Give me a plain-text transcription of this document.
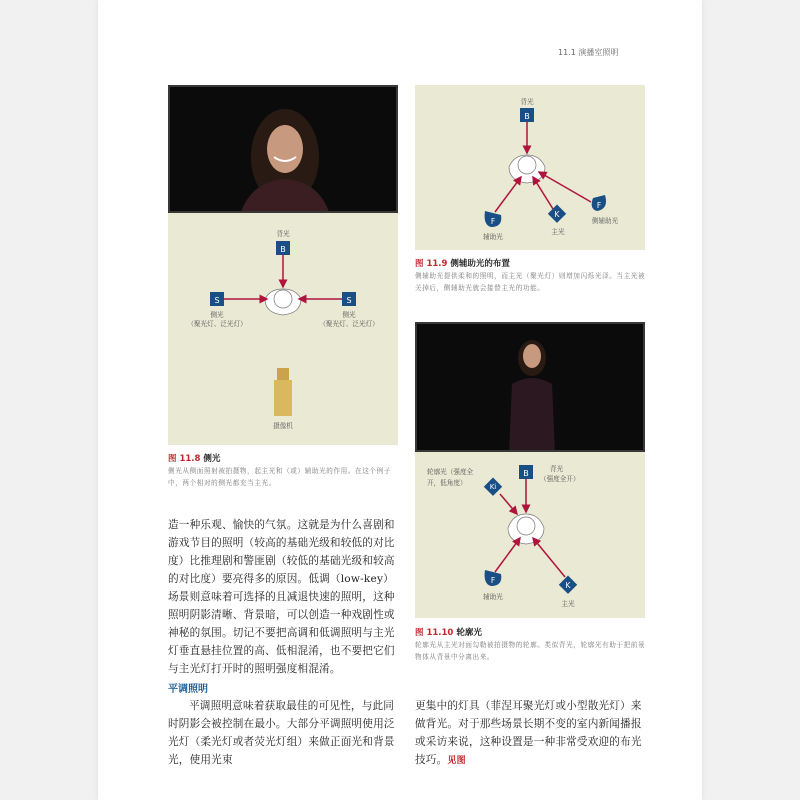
11.1 演播室照明
背光
B
S	S
侧光
（聚光灯、泛光灯）
侧光
（聚光灯、泛光灯）
摄像机
图 11.8 侧光
侧光从侧面照射被拍摄物，起主光和（或）辅助光的作用。在这个例子中，两个相对的侧光都充当主光。
背光
B
F
K
F
辅助光
主光
侧辅助光
图 11.9 侧辅助光的布置
侧辅助光提供柔和的照明，而主光（聚光灯）则增加闪烁光泽。当主光被关掉后，侧辅助光就会接替主光的功能。
Ki
B	背光
（强度全开）
F
K
辅助光
主光
轮廓光（强度全开，低角度）
图 11.10 轮廓光
轮廓光从主光对面勾勒被拍摄物的轮廓。类似背光，轮廓光有助于把前景物体从背景中分离出来。
造一种乐观、愉快的气氛。这就是为什么喜剧和游戏节目的照明（较高的基础光级和较低的对比度）比推理剧和警匪剧（较低的基础光级和较高的对比度）要亮得多的原因。低调（low-key）场景则意味着可选择的且减退快速的照明，这种照明阴影清晰、背景暗，可以创造一种戏剧性或神秘的氛围。切记不要把高调和低调照明与主光灯垂直悬挂位置的高、低相混淆，也不要把它们与主光灯打开时的照明强度相混淆。
平调照明
平调照明意味着获取最佳的可见性，与此同时阴影会被控制在最小。大部分平调照明使用泛光灯（柔光灯或者荧光灯组）来做正面光和背景光，使用光束
更集中的灯具（菲涅耳聚光灯或小型散光灯）来做背光。对于那些场景长期不变的室内新闻播报或采访来说，这种设置是一种非常受欢迎的布光技巧。见图
